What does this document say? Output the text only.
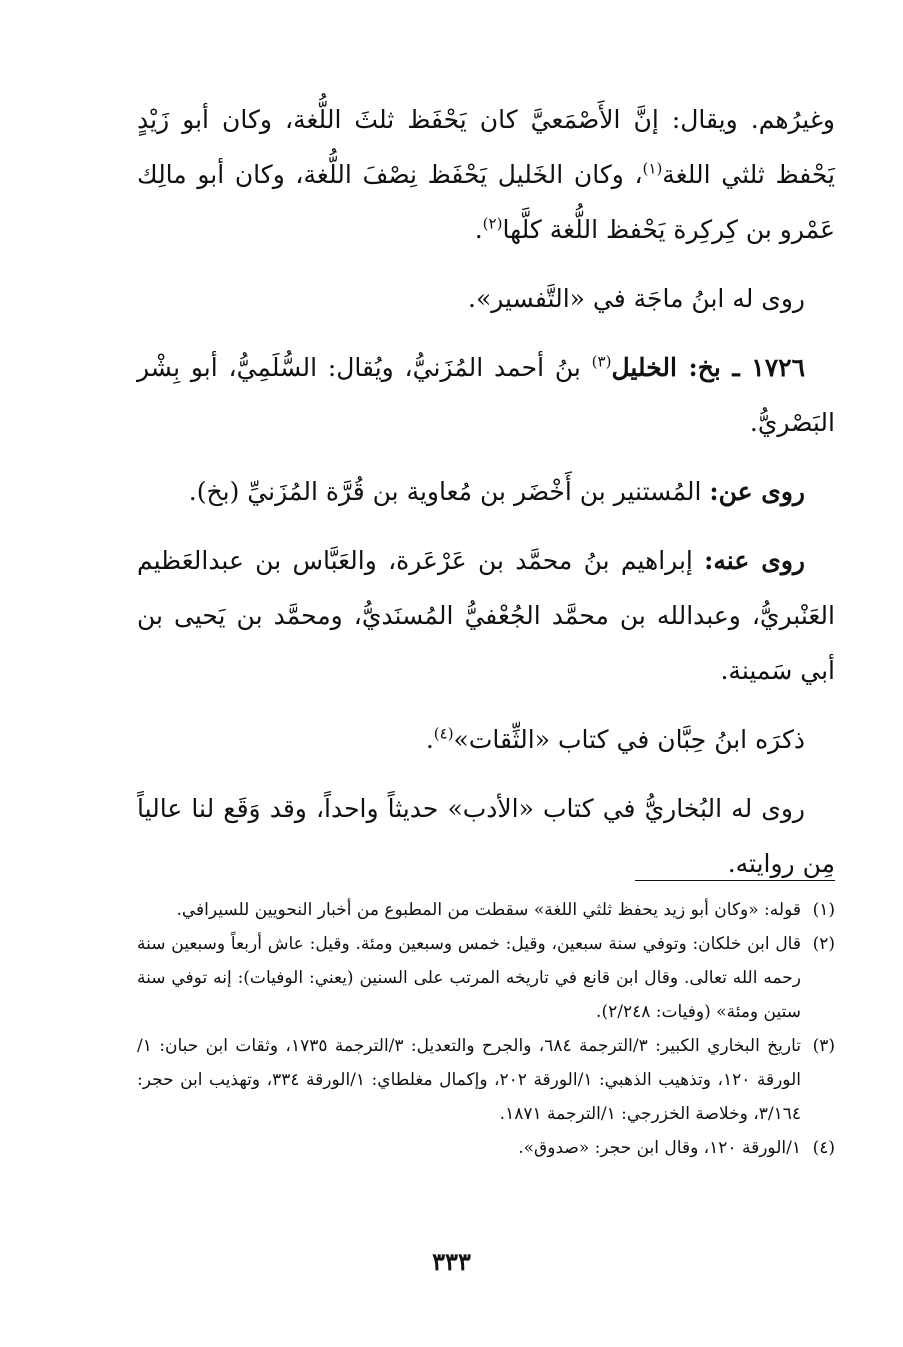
وغيرُهم. ويقال: إنَّ الأَصْمَعيَّ كان يَحْفَظ ثلثَ اللُّغة، وكان أبو زَيْدٍ يَحْفظ ثلثي اللغة$^{(١)}$، وكان الخَليل يَحْفَظ نِصْفَ اللُّغة، وكان أبو مالِك عَمْرو بن كِركِرة يَحْفظ اللُّغة كلَّها$^{(٢)}$.

روى له ابنُ ماجَة في «التَّفسير».

١٧٢٦ ـ بخ: الخليل$^{(٣)}$ بنُ أحمد المُزَنيُّ، ويُقال: السُّلَمِيُّ، أبو بِشْر البَصْريُّ.

روى عن: المُستنير بن أَخْضَر بن مُعاوية بن قُرَّة المُزَنيِّ (بخ).

روى عنه: إبراهيم بنُ محمَّد بن عَرْعَرة، والعَبَّاس بن عبدالعَظيم العَنْبريُّ، وعبدالله بن محمَّد الجُعْفيُّ المُسنَديُّ، ومحمَّد بن يَحيى بن أبي سَمينة.

ذكرَه ابنُ حِبَّان في كتاب «الثِّقات»$^{(٤)}$.

روى له البُخاريُّ في كتاب «الأدب» حديثاً واحداً، وقد وَقَع لنا عالياً مِن روايته.

(١)
قوله: «وكان أبو زيد يحفظ ثلثي اللغة» سقطت من المطبوع من أخبار النحويين للسيرافي.
(٢)
قال ابن خلكان: وتوفي سنة سبعين، وقيل: خمس وسبعين ومئة. وقيل: عاش أربعاً وسبعين سنة رحمه الله تعالى. وقال ابن قانع في تاريخه المرتب على السنين (يعني: الوفيات): إنه توفي سنة ستين ومئة» (وفيات: ٢/٢٤٨).
(٣)
تاريخ البخاري الكبير: ٣/الترجمة ٦٨٤، والجرح والتعديل: ٣/الترجمة ١٧٣٥، وثقات ابن حبان: ١/الورقة ١٢٠، وتذهيب الذهبي: ١/الورقة ٢٠٢، وإكمال مغلطاي: ١/الورقة ٣٣٤، وتهذيب ابن حجر: ٣/١٦٤، وخلاصة الخزرجي: ١/الترجمة ١٨٧١.
(٤)
١/الورقة ١٢٠، وقال ابن حجر: «صدوق».
٣٣٣
